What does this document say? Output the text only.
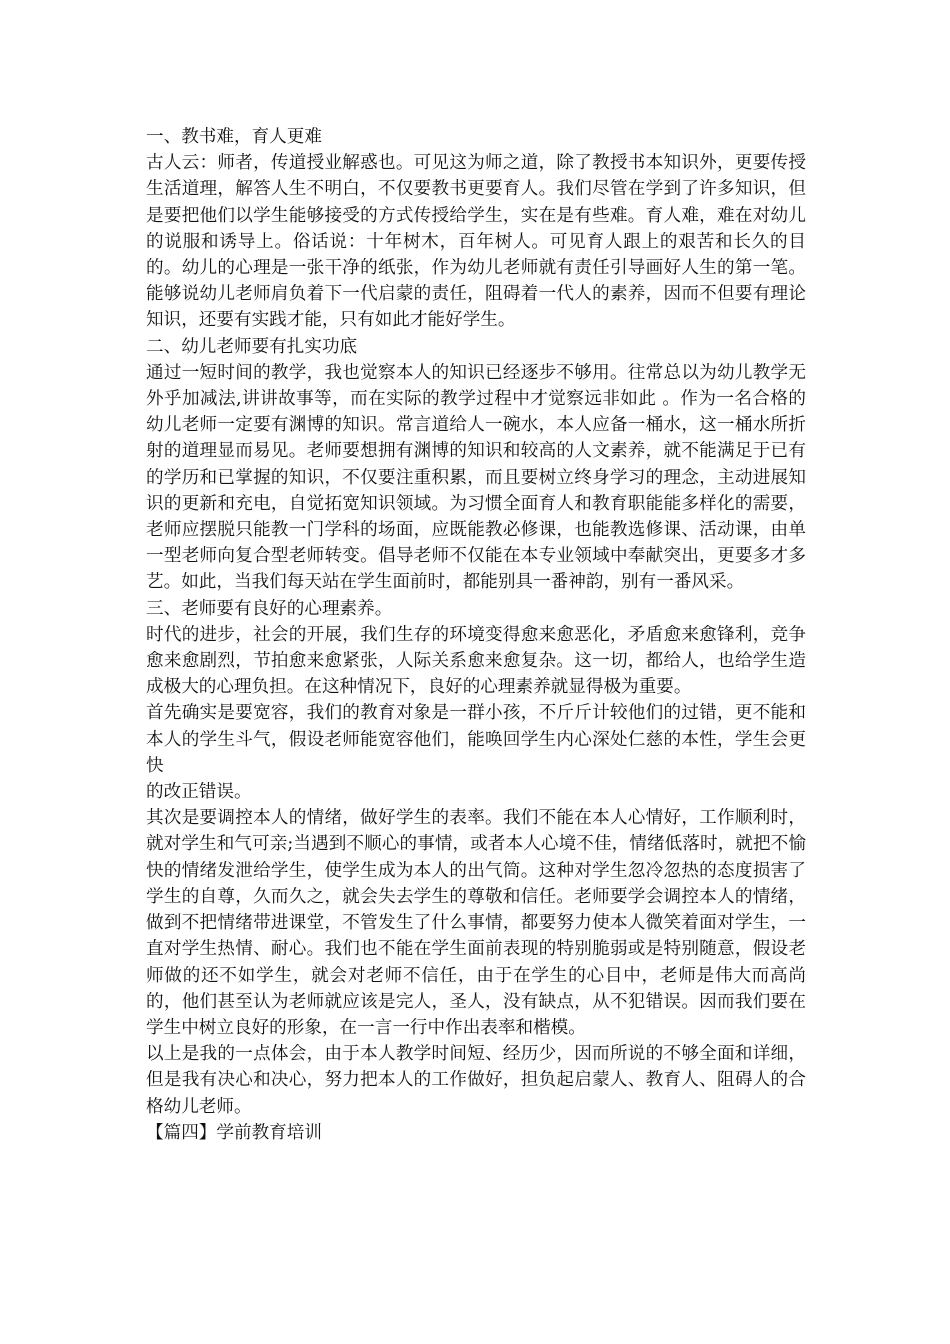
一、教书难，育人更难

古人云：师者，传道授业解惑也。可见这为师之道，除了教授书本知识外，更要传授生活道理，解答人生不明白，不仅要教书更要育人。我们尽管在学到了许多知识，但是要把他们以学生能够接受的方式传授给学生，实在是有些难。育人难，难在对幼儿的说服和诱导上。俗话说：十年树木，百年树人。可见育人跟上的艰苦和长久的目的。幼儿的心理是一张干净的纸张，作为幼儿老师就有责任引导画好人生的第一笔。能够说幼儿老师肩负着下一代启蒙的责任，阻碍着一代人的素养，因而不但要有理论知识，还要有实践才能，只有如此才能好学生。

二、幼儿老师要有扎实功底

通过一短时间的教学，我也觉察本人的知识已经逐步不够用。往常总以为幼儿教学无外乎加减法,讲讲故事等，而在实际的教学过程中才觉察远非如此 。作为一名合格的幼儿老师一定要有渊博的知识。常言道给人一碗水，本人应备一桶水，这一桶水所折射的道理显而易见。老师要想拥有渊博的知识和较高的人文素养，就不能满足于已有的学历和已掌握的知识，不仅要注重积累，而且要树立终身学习的理念，主动进展知识的更新和充电，自觉拓宽知识领域。为习惯全面育人和教育职能能多样化的需要，老师应摆脱只能教一门学科的场面，应既能教必修课，也能教选修课、活动课，由单一型老师向复合型老师转变。倡导老师不仅能在本专业领域中奉献突出，更要多才多艺。如此，当我们每天站在学生面前时，都能别具一番神韵，别有一番风采。

三、老师要有良好的心理素养。

时代的进步，社会的开展，我们生存的环境变得愈来愈恶化，矛盾愈来愈锋利，竞争愈来愈剧烈，节拍愈来愈紧张，人际关系愈来愈复杂。这一切，都给人，也给学生造成极大的心理负担。在这种情况下，良好的心理素养就显得极为重要。

首先确实是要宽容，我们的教育对象是一群小孩，不斤斤计较他们的过错，更不能和本人的学生斗气，假设老师能宽容他们，能唤回学生内心深处仁慈的本性，学生会更快

的改正错误。

其次是要调控本人的情绪，做好学生的表率。我们不能在本人心情好，工作顺利时，就对学生和气可亲;当遇到不顺心的事情，或者本人心境不佳，情绪低落时，就把不愉快的情绪发泄给学生，使学生成为本人的出气筒。这种对学生忽冷忽热的态度损害了学生的自尊，久而久之，就会失去学生的尊敬和信任。老师要学会调控本人的情绪，做到不把情绪带进课堂，不管发生了什么事情，都要努力使本人微笑着面对学生，一直对学生热情、耐心。我们也不能在学生面前表现的特别脆弱或是特别随意，假设老师做的还不如学生，就会对老师不信任，由于在学生的心目中，老师是伟大而高尚的，他们甚至认为老师就应该是完人，圣人，没有缺点，从不犯错误。因而我们要在学生中树立良好的形象，在一言一行中作出表率和楷模。

以上是我的一点体会，由于本人教学时间短、经历少，因而所说的不够全面和详细，但是我有决心和决心，努力把本人的工作做好，担负起启蒙人、教育人、阻碍人的合格幼儿老师。

【篇四】学前教育培训
